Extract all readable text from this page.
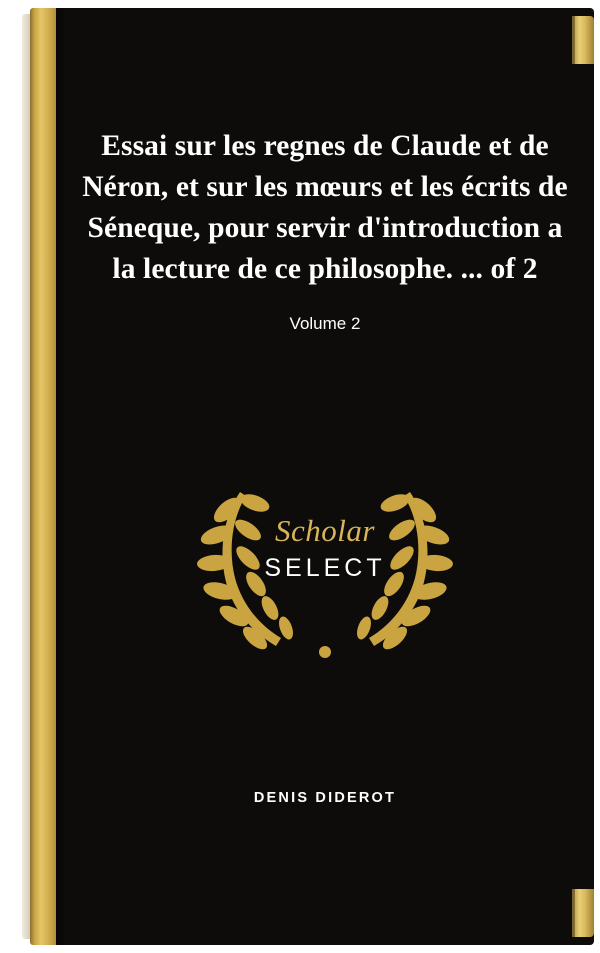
Essai sur les regnes de Claude et de Néron, et sur les mœurs et les écrits de Séneque, pour servir d'introduction a la lecture de ce philosophe. ... of 2
Volume 2
Scholar
SELECT
DENIS DIDEROT
